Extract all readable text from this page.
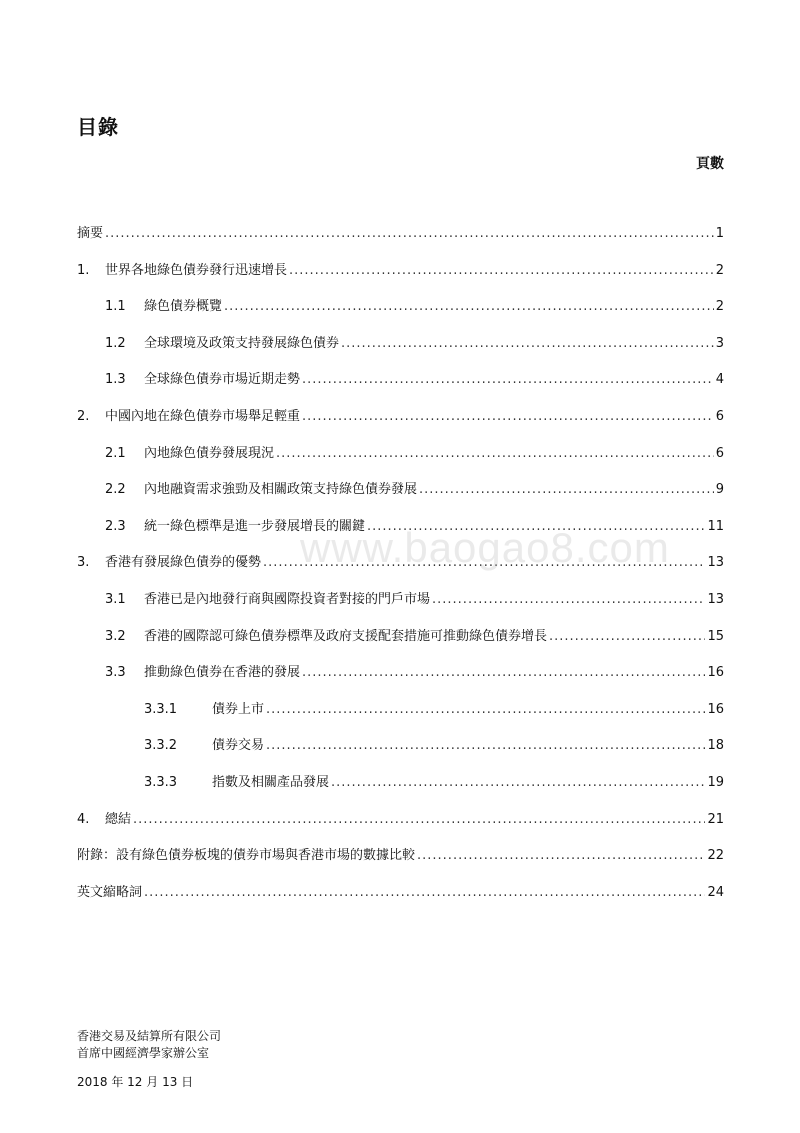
目錄
頁數
摘要 .....	1
1.	世界各地綠色債券發行迅速增長 .....	2
1.1	綠色債券概覽 .....	2
1.2	全球環境及政策支持發展綠色債券 .....	3
1.3	全球綠色債券市場近期走勢 .....	4
2.	中國內地在綠色債券市場舉足輕重 .....	6
2.1	內地綠色債券發展現況 .....	6
2.2	內地融資需求強勁及相關政策支持綠色債券發展 .....	9
2.3	統一綠色標準是進一步發展增長的關鍵 .....	11
3.	香港有發展綠色債券的優勢 .....	13
3.1	香港已是內地發行商與國際投資者對接的門戶市場 .....	13
3.2	香港的國際認可綠色債券標準及政府支援配套措施可推動綠色債券增長 .....	15
3.3	推動綠色債券在香港的發展 .....	16
3.3.1	債券上市 .....	16
3.3.2	債券交易 .....	18
3.3.3	指數及相關產品發展 .....	19
4.	總結 .....	21
附錄：設有綠色債券板塊的債券市場與香港市場的數據比較 .....	22
英文縮略詞 .....	24
www.baogao8.com
香港交易及結算所有限公司
首席中國經濟學家辦公室
2018 年 12 月 13 日
